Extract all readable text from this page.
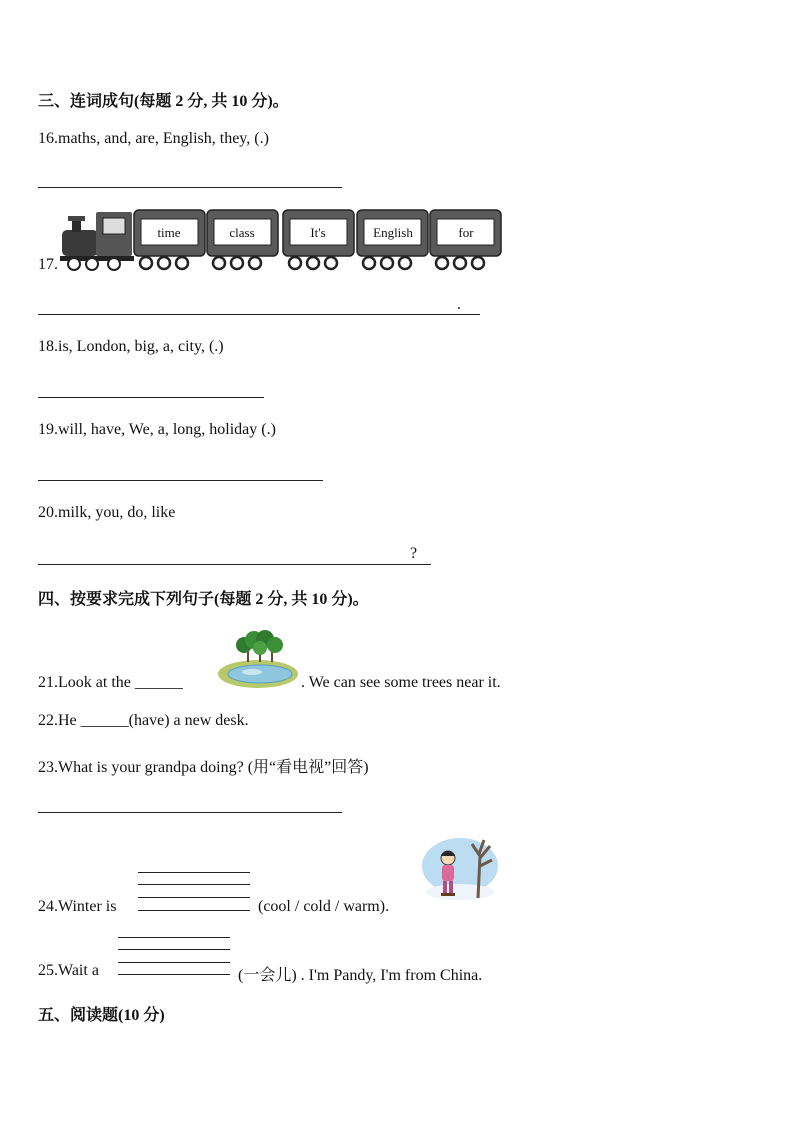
三、连词成句(每题 2 分, 共 10 分)。
16.maths, and, are, English, they, (.)
17.
time	class	It's	English	for
.
18.is, London, big, a, city, (.)
19.will, have, We, a, long, holiday (.)
20.milk, you, do, like
?
四、按要求完成下列句子(每题 2 分, 共 10 分)。
21.Look at the ______	. We can see some trees near it.
22.He ______(have) a new desk.
23.What is your grandpa doing? (用“看电视”回答)
24.Winter is	(cool / cold / warm).
25.Wait a	(一会儿) . I'm Pandy, I'm from China.
五、阅读题(10 分)
